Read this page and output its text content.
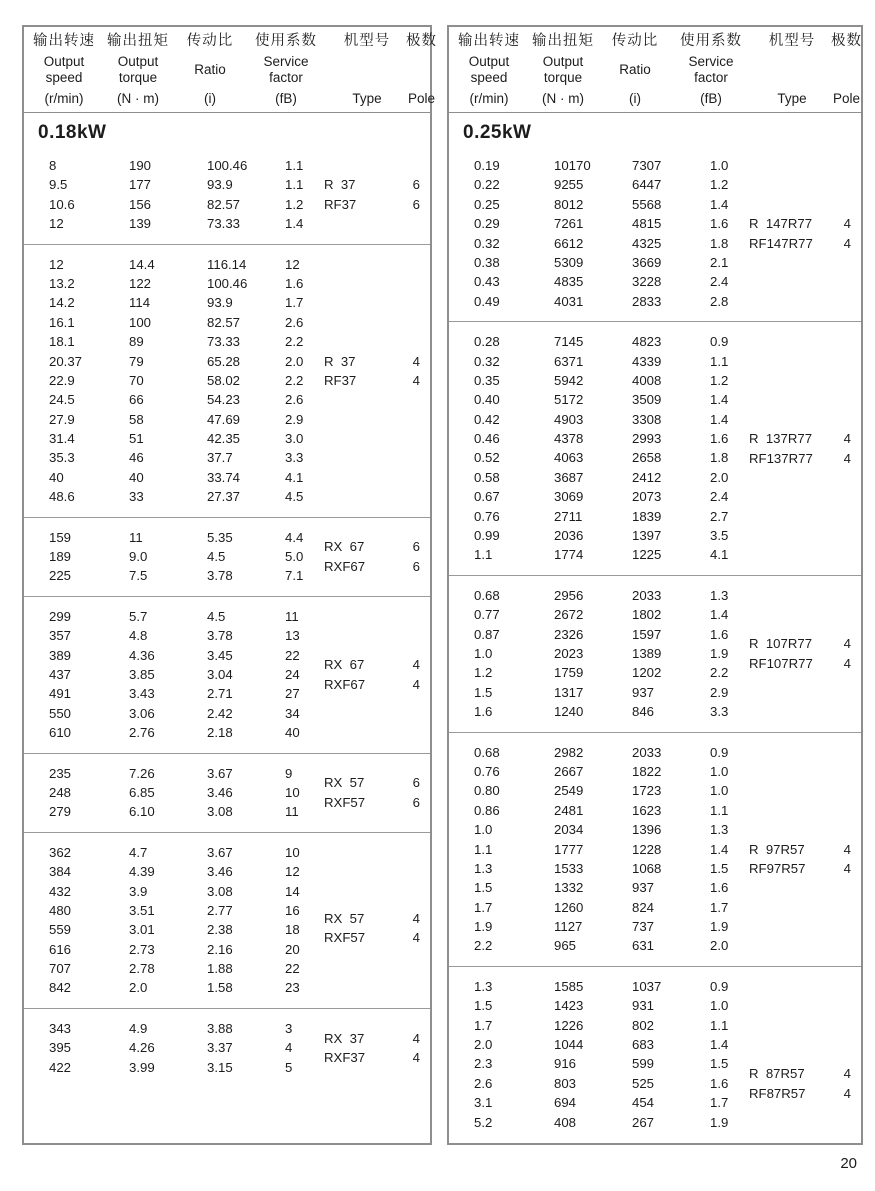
输出转速
Output
speed
(r/min)
输出扭矩
Output
torque
(N · m)
传动比
Ratio
(i)
使用系数
Service
factor
(fB)
机型号
Type
极数
Pole
0.18kW
8	190	100.46	1.1
9.5	177	93.9	1.1
10.6	156	82.57	1.2
12	139	73.33	1.4
R  37	6
RF37	6
12	14.4	116.14	12
13.2	122	100.46	1.6
14.2	114	93.9	1.7
16.1	100	82.57	2.6
18.1	89	73.33	2.2
20.37	79	65.28	2.0
22.9	70	58.02	2.2
24.5	66	54.23	2.6
27.9	58	47.69	2.9
31.4	51	42.35	3.0
35.3	46	37.7	3.3
40	40	33.74	4.1
48.6	33	27.37	4.5
R  37	4
RF37	4
159	11	5.35	4.4
189	9.0	4.5	5.0
225	7.5	3.78	7.1
RX  67	6
RXF67	6
299	5.7	4.5	11
357	4.8	3.78	13
389	4.36	3.45	22
437	3.85	3.04	24
491	3.43	2.71	27
550	3.06	2.42	34
610	2.76	2.18	40
RX  67	4
RXF67	4
235	7.26	3.67	9
248	6.85	3.46	10
279	6.10	3.08	11
RX  57	6
RXF57	6
362	4.7	3.67	10
384	4.39	3.46	12
432	3.9	3.08	14
480	3.51	2.77	16
559	3.01	2.38	18
616	2.73	2.16	20
707	2.78	1.88	22
842	2.0	1.58	23
RX  57	4
RXF57	4
343	4.9	3.88	3
395	4.26	3.37	4
422	3.99	3.15	5
RX  37	4
RXF37	4
输出转速
Output
speed
(r/min)
输出扭矩
Output
torque
(N · m)
传动比
Ratio
(i)
使用系数
Service
factor
(fB)
机型号
Type
极数
Pole
0.25kW
0.19	10170	7307	1.0
0.22	9255	6447	1.2
0.25	8012	5568	1.4
0.29	7261	4815	1.6
0.32	6612	4325	1.8
0.38	5309	3669	2.1
0.43	4835	3228	2.4
0.49	4031	2833	2.8
R  147R77 4
RF147R77 4
0.28	7145	4823	0.9
0.32	6371	4339	1.1
0.35	5942	4008	1.2
0.40	5172	3509	1.4
0.42	4903	3308	1.4
0.46	4378	2993	1.6
0.52	4063	2658	1.8
0.58	3687	2412	2.0
0.67	3069	2073	2.4
0.76	2711	1839	2.7
0.99	2036	1397	3.5
1.1	1774	1225	4.1
R  137R77 4
RF137R77 4
0.68	2956	2033	1.3
0.77	2672	1802	1.4
0.87	2326	1597	1.6
1.0	2023	1389	1.9
1.2	1759	1202	2.2
1.5	1317	937	2.9
1.6	1240	846	3.3
R  107R77 4
RF107R77 4
0.68	2982	2033	0.9
0.76	2667	1822	1.0
0.80	2549	1723	1.0
0.86	2481	1623	1.1
1.0	2034	1396	1.3
1.1	1777	1228	1.4
1.3	1533	1068	1.5
1.5	1332	937	1.6
1.7	1260	824	1.7
1.9	1127	737	1.9
2.2	965	631	2.0
R  97R57	4
RF97R57	4
1.3	1585	1037	0.9
1.5	1423	931	1.0
1.7	1226	802	1.1
2.0	1044	683	1.4
2.3	916	599	1.5
2.6	803	525	1.6
3.1	694	454	1.7
5.2	408	267	1.9
R  87R57	4
RF87R57	4
20
